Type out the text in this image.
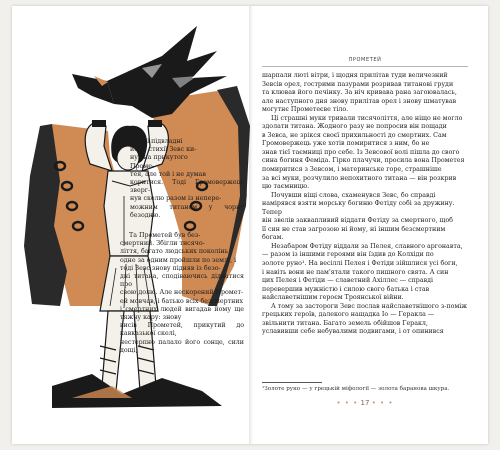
Усі підвладні
йому стихії Зевс ки-
нув на прикутого
Проме-
тея, але той і не думав
коритися. Тоді Громовержець зверг-
нув скелю разом із непере-
можним титаном у чорну безодню.

Та Прометей був без-
смертний. Збігли тисячо-
ліття, багато людських поколінь
одне за одним пройшли по землі, і
тоді Зевс знову підняв із безо-
дні титана, сподіваючись діднатися про
свою долю. Але нескорений Промет-
ей мовчав, і батько всіх безсмертних
і смертних людей вигадав йому ще тяжчу кару: знову
висів Прометей, прикутий до кавказької скелі,
нестерпно палало його сонце, сили дощі,

ПРОМЕТЕЙ

шарпали люті вітри, і щодня прилітав туди величезний
Зевсів орел, гострими пазурами розривав титанові груди
та клював його печінку. За ніч кривава рана загоювалась,
але наступного дня знову прилітав орел і знову шматував могутнє Прометеєве тіло.

Ці страшні муки тривали тисячоліття, але ніщо не могло здолати титана. Жодного разу не попросив він пощади
в Зевса, не зрікся своєї прихильності до смертних. Сам
Громовержець уже хотів помиритися з ним, бо не
знав тієї таємниці про себе. Із Зевсової волі пішла до свого сина богиня Феміда. Гірко плачучи, просила вона Прометея помиритися з Зевсом, і материнське горе, страшніше
за всі муки, розчулило непохитного титана — він розкрив
цю таємницю.

Почувши віщі слова, схаменувся Зевс, бо справді намірявся взяти морську богиню Фетіду собі за дружину. Тепер
він звелів заквапливий віддати Фетіду за смертного, щоб
її син не став загрозою ні йому, ні іншим безсмертним богам.

Незабаром Фетіду віддали за Пелея, славного аргонавта, — разом із іншими героями він їздив до Колхіди по
золоте руно¹. На весіллі Пелея і Фетіди зійшлися усі боги,
і навіть вони не пам'ятали такого пишного свята. А син
цих Пелея і Фетіди — славетний Ахіллес — справді перевершив мужністю і силою свого батька і став найславетнішим героєм Троянської війни.

А тому за застороги Зевс послав найславетнішого з-поміж грецьких героїв, далекого нащадка Іо — Геракла — звільнити титана. Багато земель обійшов Геракл,
уславивши себе небувалими подвигами, і от опинився

¹Золоте руно — у грецькій міфології — золота баранова шкура.
• • • 17 • • •
